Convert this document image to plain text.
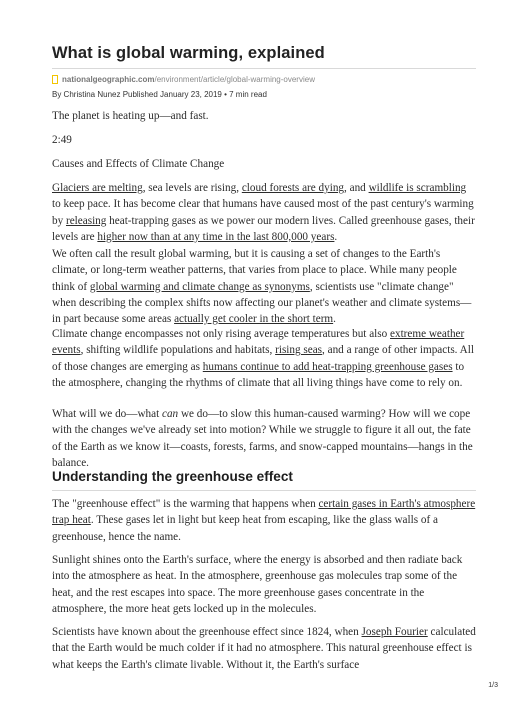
What is global warming, explained
nationalgeographic.com /environment/article/global-warming-overview
By Christina Nunez Published January 23, 2019 • 7 min read

The planet is heating up—and fast.

2:49

Causes and Effects of Climate Change

Glaciers are melting, sea levels are rising, cloud forests are dying, and wildlife is scrambling to keep pace. It has become clear that humans have caused most of the past century's warming by releasing heat-trapping gases as we power our modern lives. Called greenhouse gases, their levels are higher now than at any time in the last 800,000 years.

We often call the result global warming, but it is causing a set of changes to the Earth's climate, or long-term weather patterns, that varies from place to place. While many people think of global warming and climate change as synonyms, scientists use "climate change" when describing the complex shifts now affecting our planet's weather and climate systems—in part because some areas actually get cooler in the short term.

Climate change encompasses not only rising average temperatures but also extreme weather events, shifting wildlife populations and habitats, rising seas, and a range of other impacts. All of those changes are emerging as humans continue to add heat-trapping greenhouse gases to the atmosphere, changing the rhythms of climate that all living things have come to rely on.

What will we do—what can we do—to slow this human-caused warming? How will we cope with the changes we've already set into motion? While we struggle to figure it all out, the fate of the Earth as we know it—coasts, forests, farms, and snow-capped mountains—hangs in the balance.

Understanding the greenhouse effect

The "greenhouse effect" is the warming that happens when certain gases in Earth's atmosphere trap heat. These gases let in light but keep heat from escaping, like the glass walls of a greenhouse, hence the name.

Sunlight shines onto the Earth's surface, where the energy is absorbed and then radiate back into the atmosphere as heat. In the atmosphere, greenhouse gas molecules trap some of the heat, and the rest escapes into space. The more greenhouse gases concentrate in the atmosphere, the more heat gets locked up in the molecules.

Scientists have known about the greenhouse effect since 1824, when Joseph Fourier calculated that the Earth would be much colder if it had no atmosphere. This natural greenhouse effect is what keeps the Earth's climate livable. Without it, the Earth's surface

1/3
